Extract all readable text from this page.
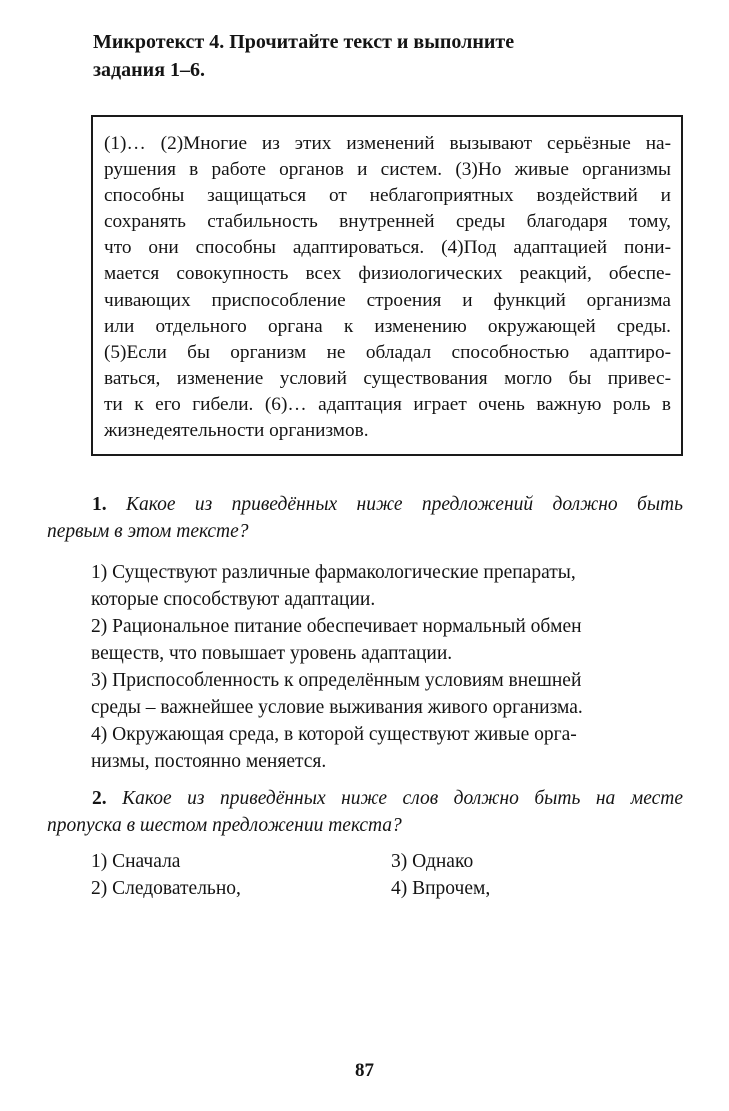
Микротекст 4. Прочитайте текст и выполните
задания 1–6.
(1)… (2)Многие из этих изменений вызывают серьёзные на-
рушения в работе органов и систем. (3)Но живые организмы
способны защищаться от неблагоприятных воздействий и
сохранять стабильность внутренней среды благодаря тому,
что они способны адаптироваться. (4)Под адаптацией пони-
мается совокупность всех физиологических реакций, обеспе-
чивающих приспособление строения и функций организма
или отдельного органа к изменению окружающей среды.
(5)Если бы организм не обладал способностью адаптиро-
ваться, изменение условий существования могло бы привес-
ти к его гибели. (6)… адаптация играет очень важную роль в
жизнедеятельности организмов.
1. Какое из приведённых ниже предложений должно быть
первым в этом тексте?
1) Существуют различные фармакологические препараты,
которые способствуют адаптации.
2) Рациональное питание обеспечивает нормальный обмен
веществ, что повышает уровень адаптации.
3) Приспособленность к определённым условиям внешней
среды – важнейшее условие выживания живого организма.
4) Окружающая среда, в которой существуют живые орга-
низмы, постоянно меняется.
2. Какое из приведённых ниже слов должно быть на месте
пропуска в шестом предложении текста?
1) Сначала
2) Следовательно,
3) Однако
4) Впрочем,
87
